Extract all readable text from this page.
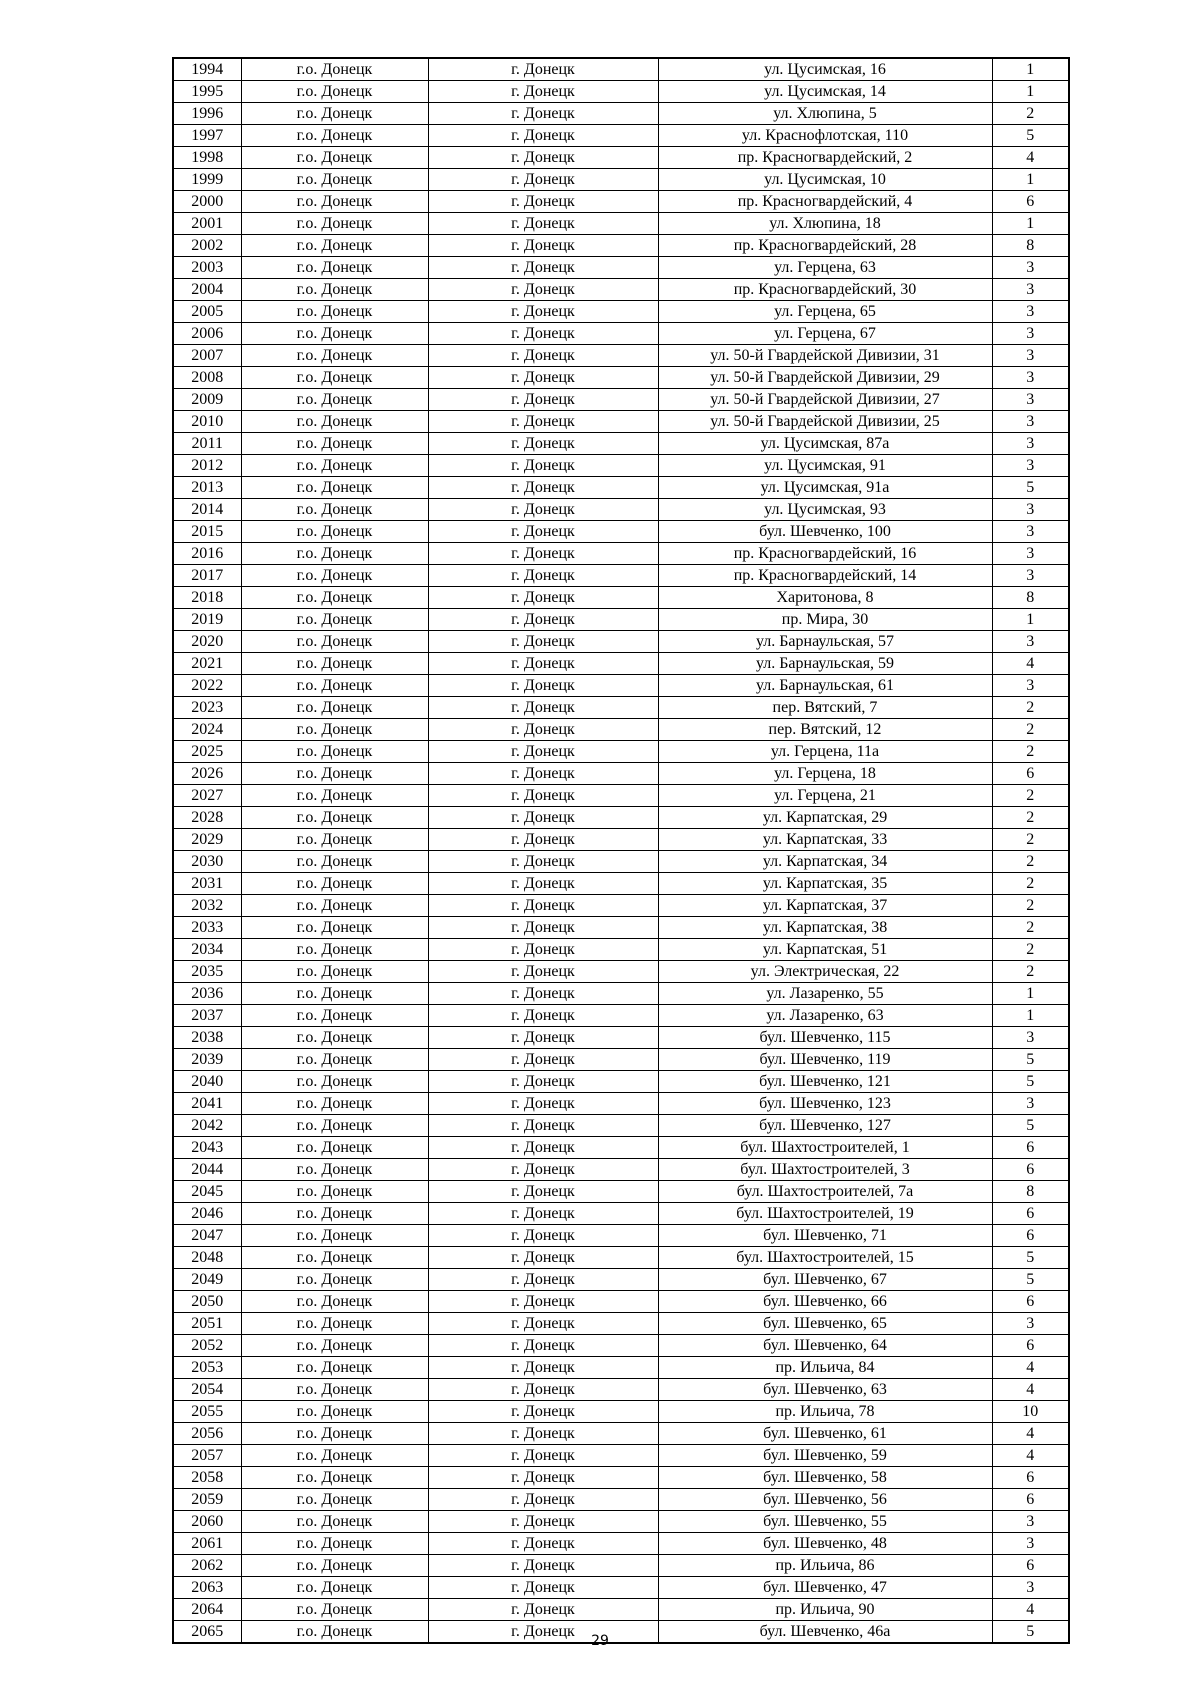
1994	г.о. Донецк	г. Донецк	ул. Цусимская, 16	1
1995	г.о. Донецк	г. Донецк	ул. Цусимская, 14	1
1996	г.о. Донецк	г. Донецк	ул. Хлюпина, 5	2
1997	г.о. Донецк	г. Донецк	ул. Краснофлотская, 110	5
1998	г.о. Донецк	г. Донецк	пр. Красногвардейский, 2	4
1999	г.о. Донецк	г. Донецк	ул. Цусимская, 10	1
2000	г.о. Донецк	г. Донецк	пр. Красногвардейский, 4	6
2001	г.о. Донецк	г. Донецк	ул. Хлюпина, 18	1
2002	г.о. Донецк	г. Донецк	пр. Красногвардейский, 28	8
2003	г.о. Донецк	г. Донецк	ул. Герцена, 63	3
2004	г.о. Донецк	г. Донецк	пр. Красногвардейский, 30	3
2005	г.о. Донецк	г. Донецк	ул. Герцена, 65	3
2006	г.о. Донецк	г. Донецк	ул. Герцена, 67	3
2007	г.о. Донецк	г. Донецк	ул. 50-й Гвардейской Дивизии, 31	3
2008	г.о. Донецк	г. Донецк	ул. 50-й Гвардейской Дивизии, 29	3
2009	г.о. Донецк	г. Донецк	ул. 50-й Гвардейской Дивизии, 27	3
2010	г.о. Донецк	г. Донецк	ул. 50-й Гвардейской Дивизии, 25	3
2011	г.о. Донецк	г. Донецк	ул. Цусимская, 87а	3
2012	г.о. Донецк	г. Донецк	ул. Цусимская, 91	3
2013	г.о. Донецк	г. Донецк	ул. Цусимская, 91а	5
2014	г.о. Донецк	г. Донецк	ул. Цусимская, 93	3
2015	г.о. Донецк	г. Донецк	бул. Шевченко, 100	3
2016	г.о. Донецк	г. Донецк	пр. Красногвардейский, 16	3
2017	г.о. Донецк	г. Донецк	пр. Красногвардейский, 14	3
2018	г.о. Донецк	г. Донецк	Харитонова, 8	8
2019	г.о. Донецк	г. Донецк	пр. Мира, 30	1
2020	г.о. Донецк	г. Донецк	ул. Барнаульская, 57	3
2021	г.о. Донецк	г. Донецк	ул. Барнаульская, 59	4
2022	г.о. Донецк	г. Донецк	ул. Барнаульская, 61	3
2023	г.о. Донецк	г. Донецк	пер. Вятский, 7	2
2024	г.о. Донецк	г. Донецк	пер. Вятский, 12	2
2025	г.о. Донецк	г. Донецк	ул. Герцена, 11а	2
2026	г.о. Донецк	г. Донецк	ул. Герцена, 18	6
2027	г.о. Донецк	г. Донецк	ул. Герцена, 21	2
2028	г.о. Донецк	г. Донецк	ул. Карпатская, 29	2
2029	г.о. Донецк	г. Донецк	ул. Карпатская, 33	2
2030	г.о. Донецк	г. Донецк	ул. Карпатская, 34	2
2031	г.о. Донецк	г. Донецк	ул. Карпатская, 35	2
2032	г.о. Донецк	г. Донецк	ул. Карпатская, 37	2
2033	г.о. Донецк	г. Донецк	ул. Карпатская, 38	2
2034	г.о. Донецк	г. Донецк	ул. Карпатская, 51	2
2035	г.о. Донецк	г. Донецк	ул. Электрическая, 22	2
2036	г.о. Донецк	г. Донецк	ул. Лазаренко, 55	1
2037	г.о. Донецк	г. Донецк	ул. Лазаренко, 63	1
2038	г.о. Донецк	г. Донецк	бул. Шевченко, 115	3
2039	г.о. Донецк	г. Донецк	бул. Шевченко, 119	5
2040	г.о. Донецк	г. Донецк	бул. Шевченко, 121	5
2041	г.о. Донецк	г. Донецк	бул. Шевченко, 123	3
2042	г.о. Донецк	г. Донецк	бул. Шевченко, 127	5
2043	г.о. Донецк	г. Донецк	бул. Шахтостроителей, 1	6
2044	г.о. Донецк	г. Донецк	бул. Шахтостроителей, 3	6
2045	г.о. Донецк	г. Донецк	бул. Шахтостроителей, 7а	8
2046	г.о. Донецк	г. Донецк	бул. Шахтостроителей, 19	6
2047	г.о. Донецк	г. Донецк	бул. Шевченко, 71	6
2048	г.о. Донецк	г. Донецк	бул. Шахтостроителей, 15	5
2049	г.о. Донецк	г. Донецк	бул. Шевченко, 67	5
2050	г.о. Донецк	г. Донецк	бул. Шевченко, 66	6
2051	г.о. Донецк	г. Донецк	бул. Шевченко, 65	3
2052	г.о. Донецк	г. Донецк	бул. Шевченко, 64	6
2053	г.о. Донецк	г. Донецк	пр. Ильича, 84	4
2054	г.о. Донецк	г. Донецк	бул. Шевченко, 63	4
2055	г.о. Донецк	г. Донецк	пр. Ильича, 78	10
2056	г.о. Донецк	г. Донецк	бул. Шевченко, 61	4
2057	г.о. Донецк	г. Донецк	бул. Шевченко, 59	4
2058	г.о. Донецк	г. Донецк	бул. Шевченко, 58	6
2059	г.о. Донецк	г. Донецк	бул. Шевченко, 56	6
2060	г.о. Донецк	г. Донецк	бул. Шевченко, 55	3
2061	г.о. Донецк	г. Донецк	бул. Шевченко, 48	3
2062	г.о. Донецк	г. Донецк	пр. Ильича, 86	6
2063	г.о. Донецк	г. Донецк	бул. Шевченко, 47	3
2064	г.о. Донецк	г. Донецк	пр. Ильича, 90	4
2065	г.о. Донецк	г. Донецк	бул. Шевченко, 46а	5
29
